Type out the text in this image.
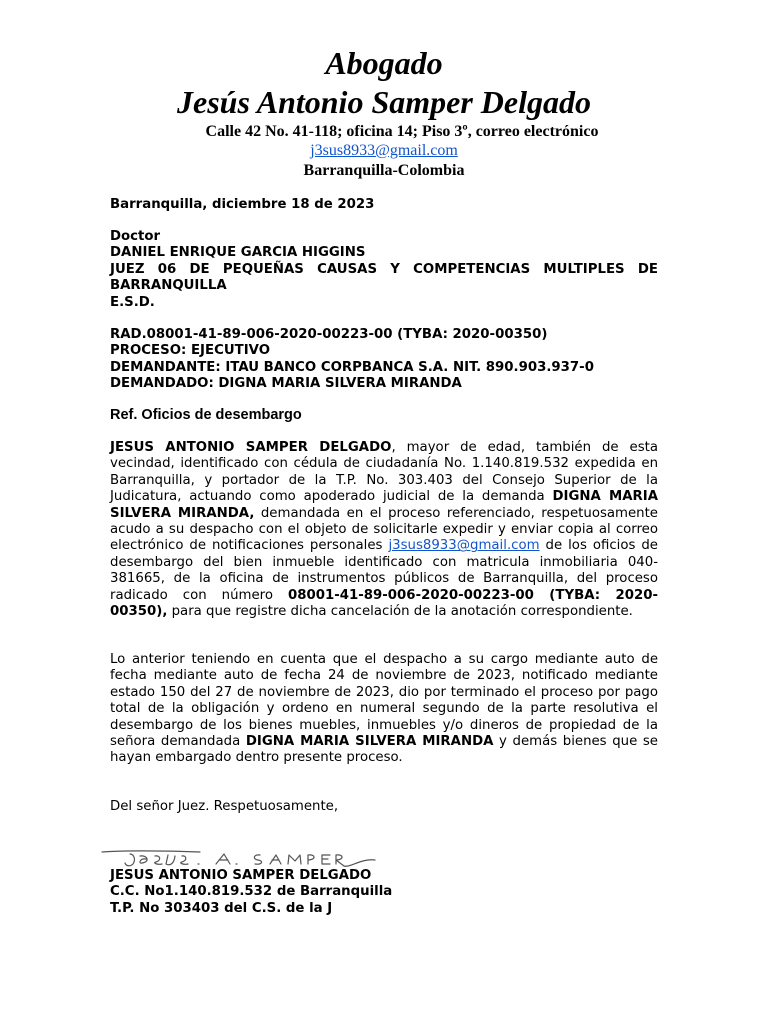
Abogado
Jesús Antonio Samper Delgado

Calle 42 No. 41-118; oficina 14; Piso 3º, correo electrónico

j3sus8933@gmail.com

Barranquilla-Colombia

Barranquilla, diciembre 18 de 2023

Doctor

DANIEL ENRIQUE GARCIA HIGGINS

JUEZ 06 DE PEQUEÑAS CAUSAS Y COMPETENCIAS MULTIPLES DE

BARRANQUILLA

E.S.D.

RAD.08001-41-89-006-2020-00223-00 (TYBA: 2020-00350)

PROCESO: EJECUTIVO

DEMANDANTE: ITAU BANCO CORPBANCA S.A. NIT. 890.903.937-0

DEMANDADO: DIGNA MARIA SILVERA MIRANDA

Ref. Oficios de desembargo

JESUS ANTONIO SAMPER DELGADO, mayor de edad, también de esta vecindad, identificado con cédula de ciudadanía No. 1.140.819.532 expedida en Barranquilla, y portador de la T.P. No. 303.403 del Consejo Superior de la Judicatura, actuando como apoderado judicial de la demanda DIGNA MARIA SILVERA MIRANDA, demandada en el proceso referenciado, respetuosamente acudo a su despacho con el objeto de solicitarle expedir y enviar copia al correo electrónico de notificaciones personales j3sus8933@gmail.com de los oficios de desembargo del bien inmueble identificado con matricula inmobiliaria 040-381665, de la oficina de instrumentos públicos de Barranquilla, del proceso radicado con número 08001-41-89-006-2020-00223-00 (TYBA: 2020-00350), para que registre dicha cancelación de la anotación correspondiente.

Lo anterior teniendo en cuenta que el despacho a su cargo mediante auto de fecha mediante auto de fecha 24 de noviembre de 2023, notificado mediante estado 150 del 27 de noviembre de 2023, dio por terminado el proceso por pago total de la obligación y ordeno en numeral segundo de la parte resolutiva el desembargo de los bienes muebles, inmuebles y/o dineros de propiedad de la señora demandada DIGNA MARIA SILVERA MIRANDA y demás bienes que se hayan embargado dentro presente proceso.

Del señor Juez. Respetuosamente,

JESUS ANTONIO SAMPER DELGADO

C.C. No1.140.819.532 de Barranquilla

T.P. No 303403 del C.S. de la J
